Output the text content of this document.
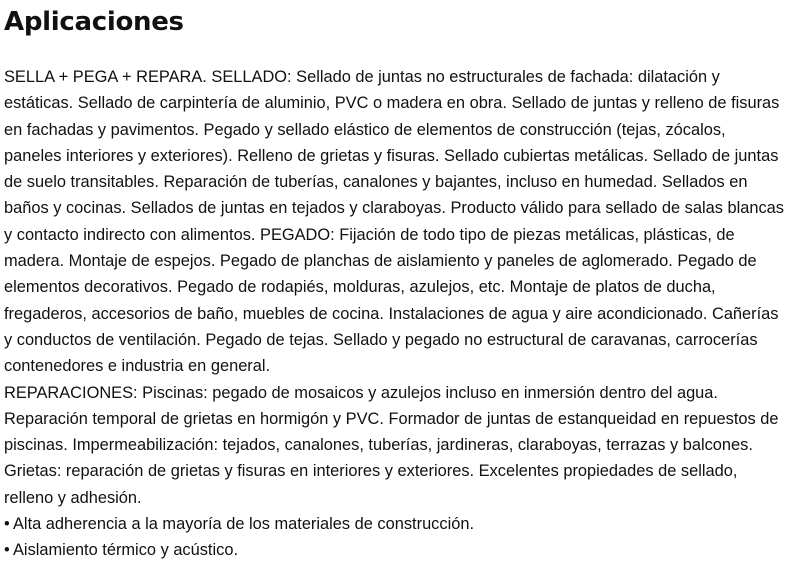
Aplicaciones
SELLA + PEGA + REPARA. SELLADO: Sellado de juntas no estructurales de fachada: dilatación y estáticas. Sellado de carpintería de aluminio, PVC o madera en obra. Sellado de juntas y relleno de fisuras en fachadas y pavimentos. Pegado y sellado elástico de elementos de construcción (tejas, zócalos, paneles interiores y exteriores). Relleno de grietas y fisuras. Sellado cubiertas metálicas. Sellado de juntas de suelo transitables. Reparación de tuberías, canalones y bajantes, incluso en humedad. Sellados en baños y cocinas. Sellados de juntas en tejados y claraboyas. Producto válido para sellado de salas blancas y contacto indirecto con alimentos. PEGADO: Fijación de todo tipo de piezas metálicas, plásticas, de madera. Montaje de espejos. Pegado de planchas de aislamiento y paneles de aglomerado. Pegado de elementos decorativos. Pegado de rodapiés, molduras, azulejos, etc. Montaje de platos de ducha, fregaderos, accesorios de baño, muebles de cocina. Instalaciones de agua y aire acondicionado. Cañerías y conductos de ventilación. Pegado de tejas. Sellado y pegado no estructural de caravanas, carrocerías contenedores e industria en general.
REPARACIONES: Piscinas: pegado de mosaicos y azulejos incluso en inmersión dentro del agua. Reparación temporal de grietas en hormigón y PVC. Formador de juntas de estanqueidad en repuestos de piscinas. Impermeabilización: tejados, canalones, tuberías, jardineras, claraboyas, terrazas y balcones. Grietas: reparación de grietas y fisuras en interiores y exteriores. Excelentes propiedades de sellado, relleno y adhesión.
• Alta adherencia a la mayoría de los materiales de construcción.
• Aislamiento térmico y acústico.
